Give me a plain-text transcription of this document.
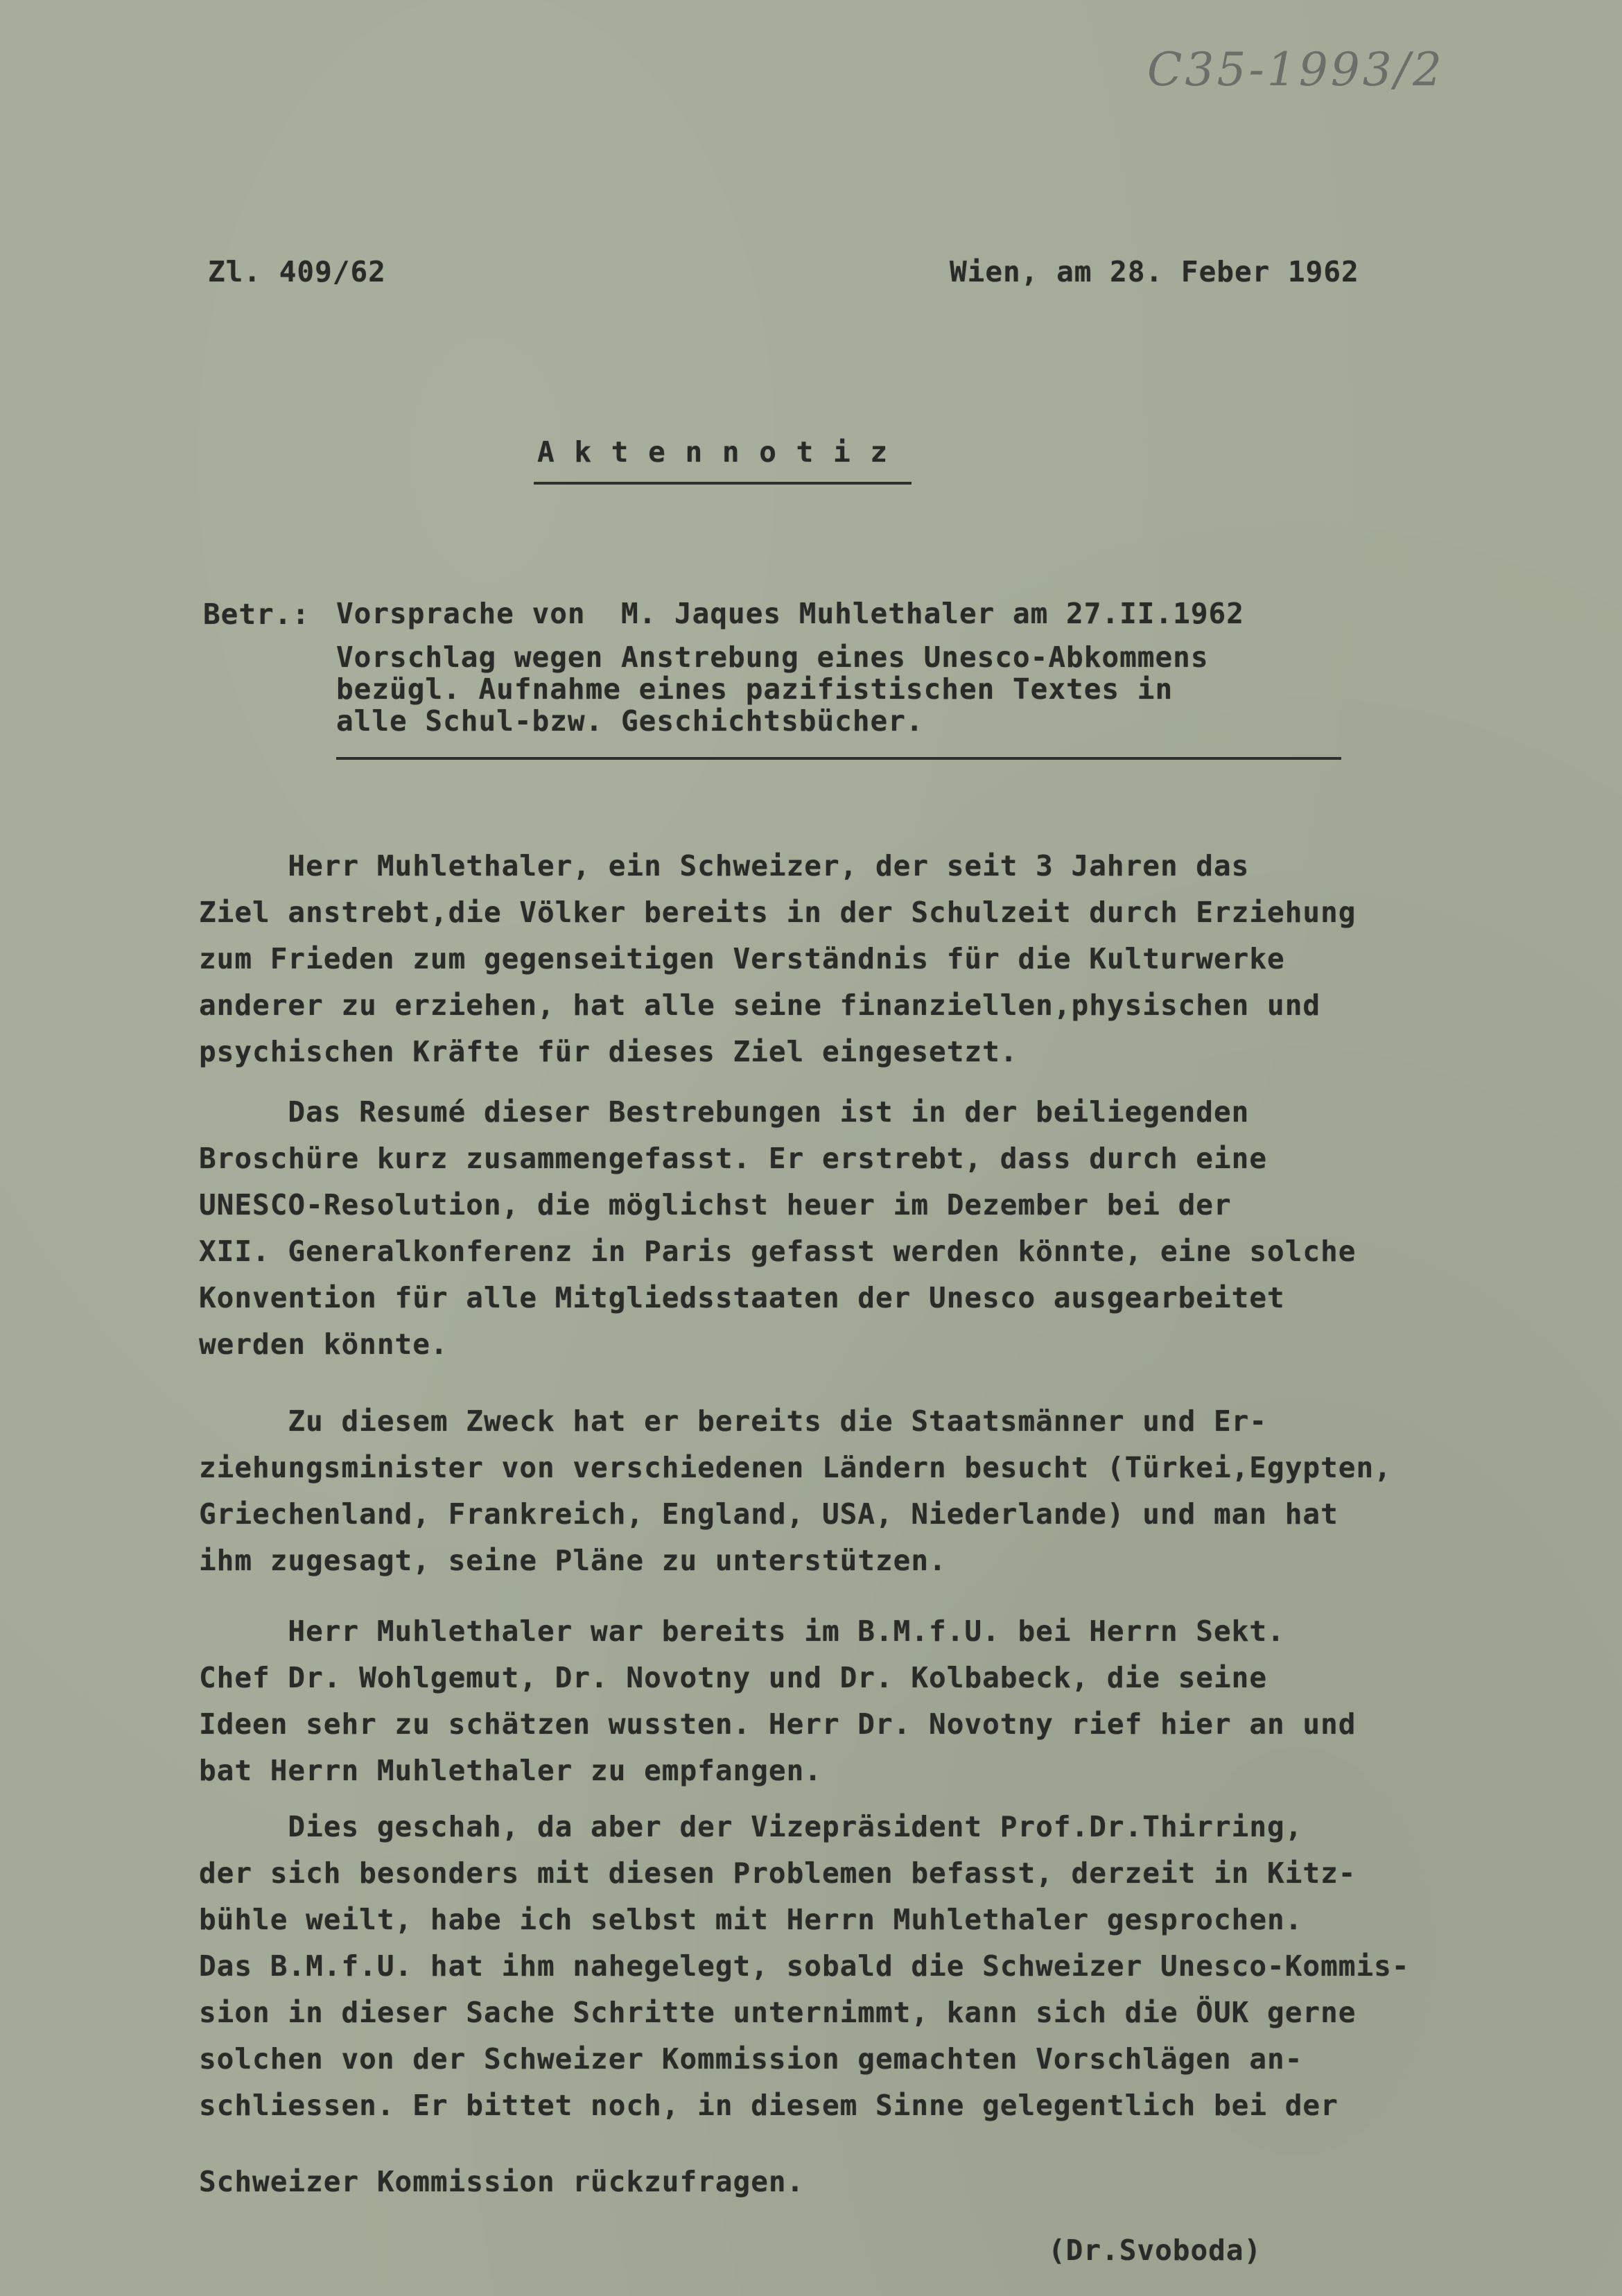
C35-1993/2
Zl. 409/62	Wien, am 28. Feber 1962
A k t e n n o t i z
Betr.: Vorsprache von  M. Jaques Muhlethaler am 27.II.1962
Vorschlag wegen Anstrebung eines Unesco-Abkommens
bezügl. Aufnahme eines pazifistischen Textes in
alle Schul-bzw. Geschichtsbücher.
Herr Muhlethaler, ein Schweizer, der seit 3 Jahren das
Ziel anstrebt,die Völker bereits in der Schulzeit durch Erziehung
zum Frieden zum gegenseitigen Verständnis für die Kulturwerke
anderer zu erziehen, hat alle seine finanziellen,physischen und
psychischen Kräfte für dieses Ziel eingesetzt.
Das Resumé dieser Bestrebungen ist in der beiliegenden
Broschüre kurz zusammengefasst. Er erstrebt, dass durch eine
UNESCO-Resolution, die möglichst heuer im Dezember bei der
XII. Generalkonferenz in Paris gefasst werden könnte, eine solche
Konvention für alle Mitgliedsstaaten der Unesco ausgearbeitet
werden könnte.
Zu diesem Zweck hat er bereits die Staatsmänner und Er-
ziehungsminister von verschiedenen Ländern besucht (Türkei,Egypten,
Griechenland, Frankreich, England, USA, Niederlande) und man hat
ihm zugesagt, seine Pläne zu unterstützen.
Herr Muhlethaler war bereits im B.M.f.U. bei Herrn Sekt.
Chef Dr. Wohlgemut, Dr. Novotny und Dr. Kolbabeck, die seine
Ideen sehr zu schätzen wussten. Herr Dr. Novotny rief hier an und
bat Herrn Muhlethaler zu empfangen.
Dies geschah, da aber der Vizepräsident Prof.Dr.Thirring,
der sich besonders mit diesen Problemen befasst, derzeit in Kitz-
bühle weilt, habe ich selbst mit Herrn Muhlethaler gesprochen.
Das B.M.f.U. hat ihm nahegelegt, sobald die Schweizer Unesco-Kommis-
sion in dieser Sache Schritte unternimmt, kann sich die ÖUK gerne
solchen von der Schweizer Kommission gemachten Vorschlägen an-
schliessen. Er bittet noch, in diesem Sinne gelegentlich bei der
Schweizer Kommission rückzufragen.
(Dr.Svoboda)
